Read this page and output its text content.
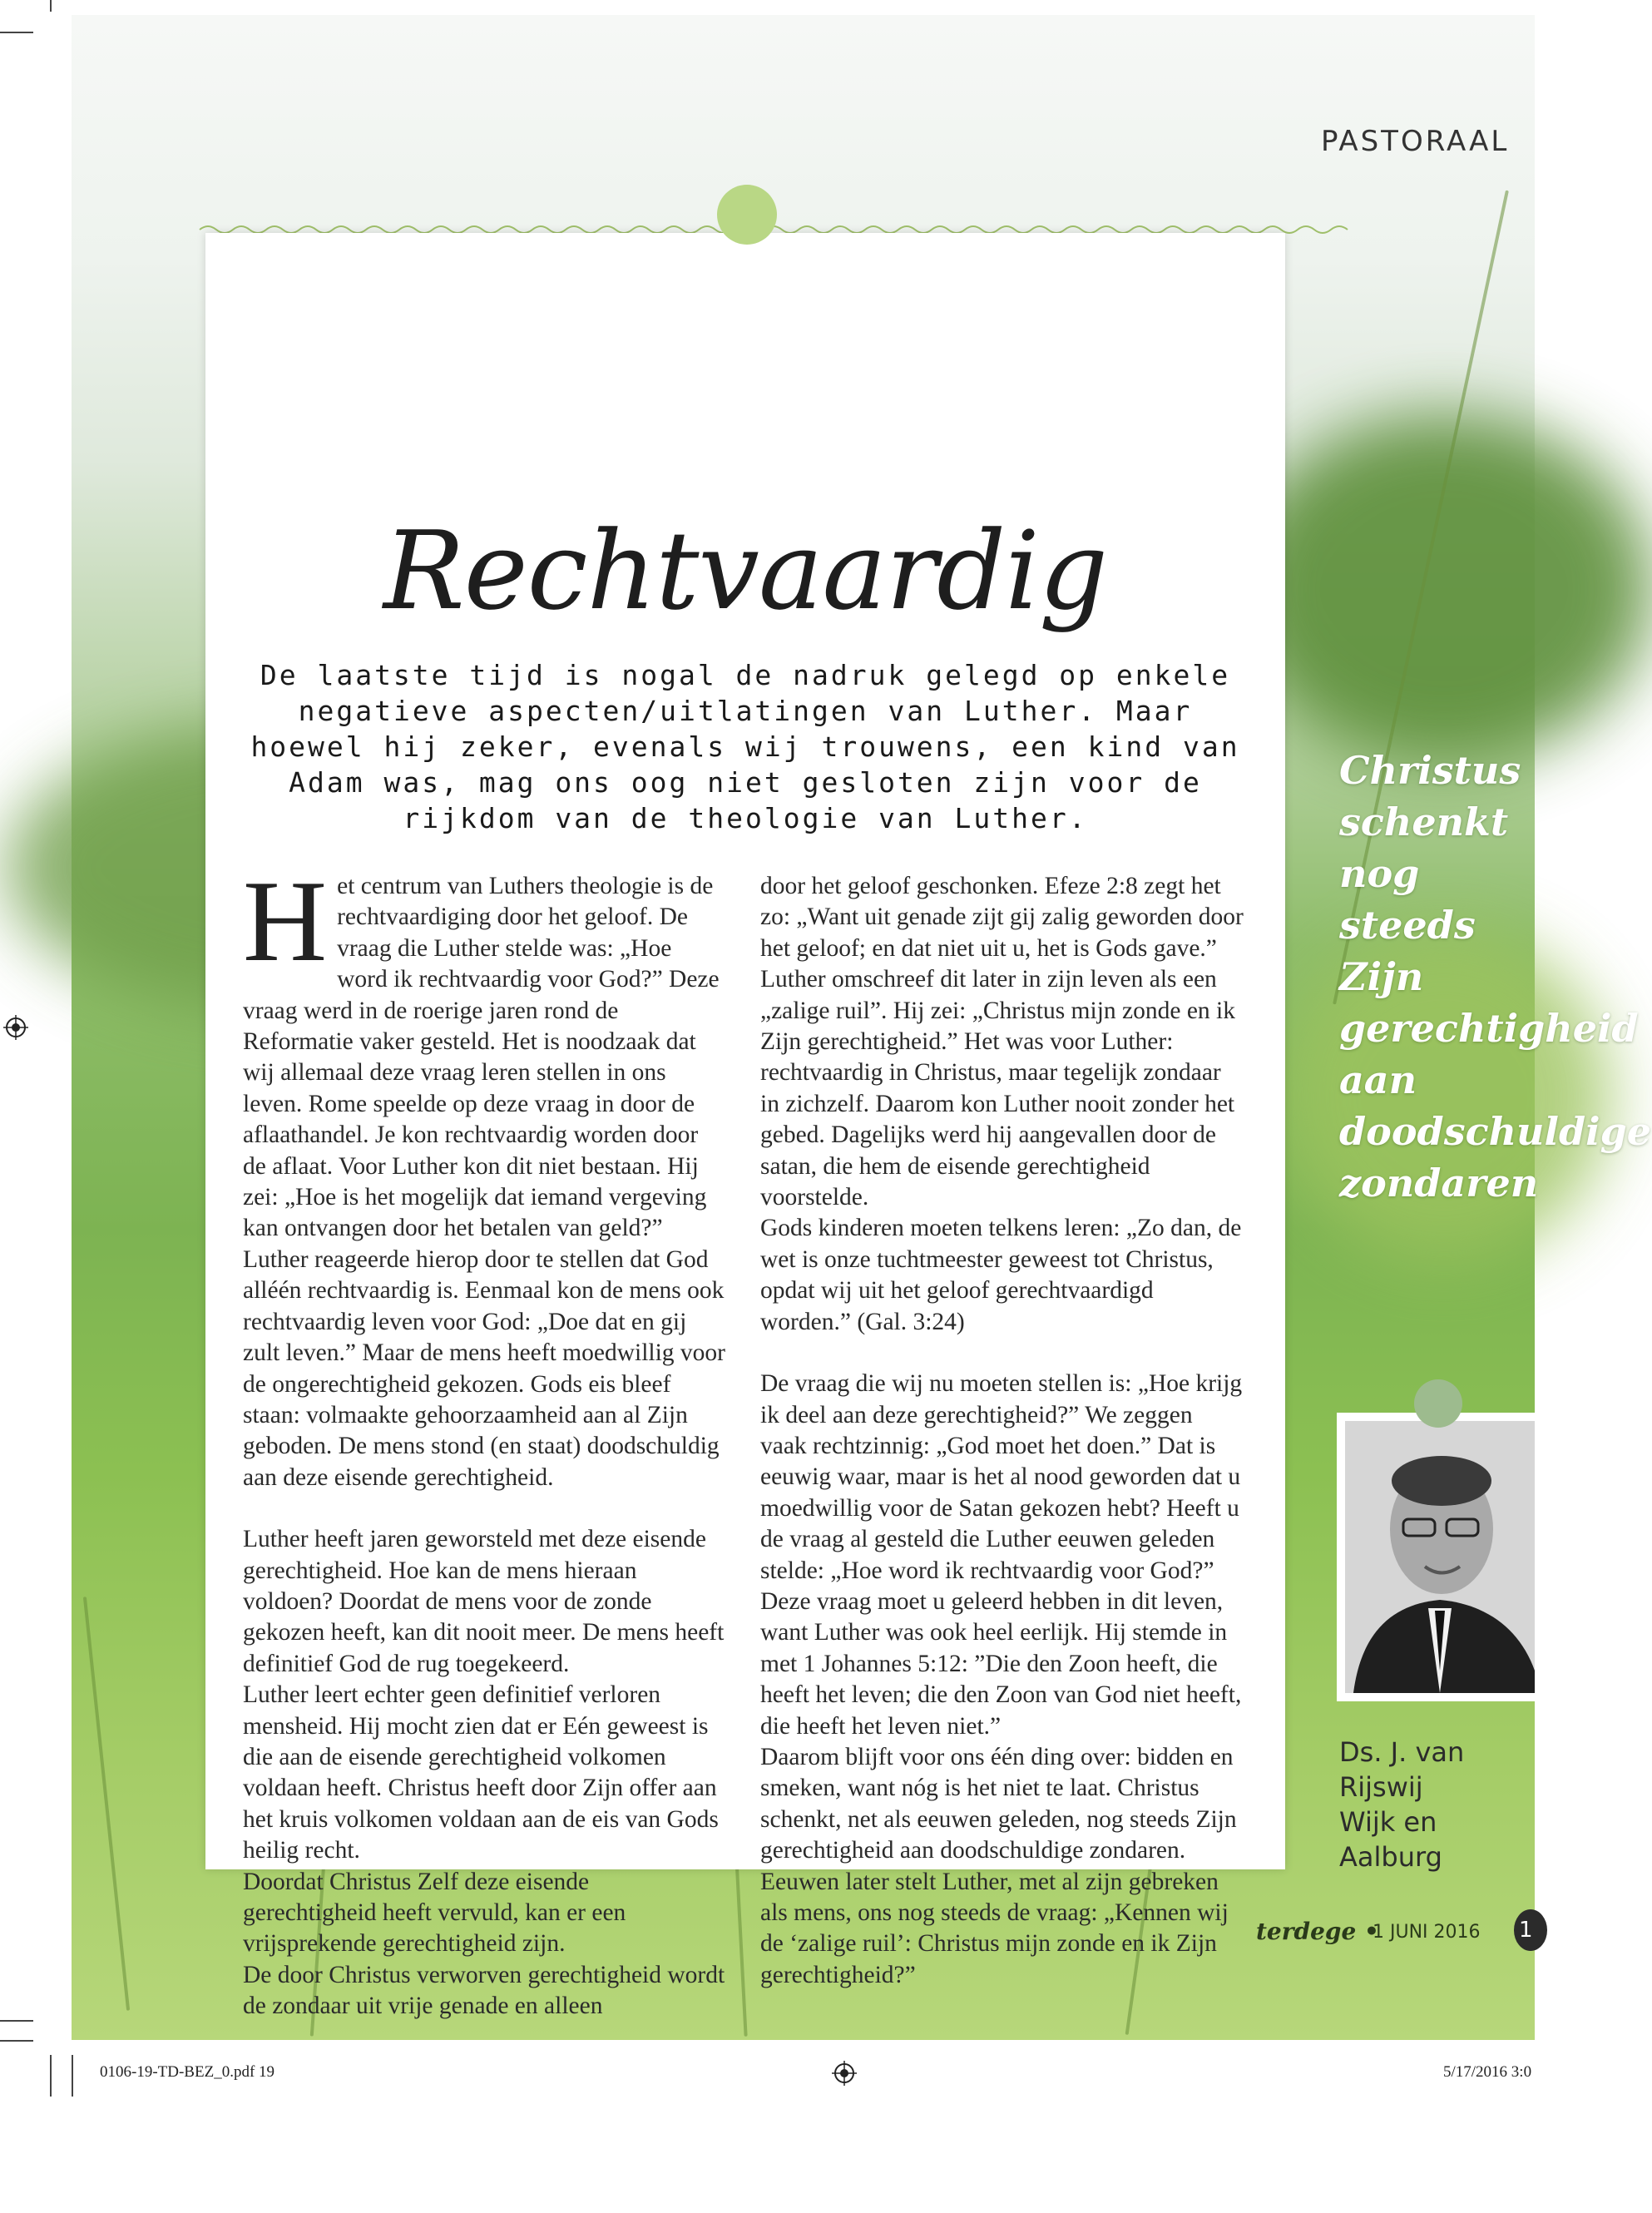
PASTORAAL
Rechtvaardig

De laatste tijd is nogal de nadruk gelegd op enkele negatieve aspecten/uitlatingen van Luther. Maar hoewel hij zeker, evenals wij trouwens, een kind van Adam was, mag ons oog niet gesloten zijn voor de rijkdom van de theologie van Luther.

Het centrum van Luthers theologie is de rechtvaardiging door het geloof. De vraag die Luther stelde was: „Hoe word ik rechtvaardig voor God?” Deze vraag werd in de roerige jaren rond de Reformatie vaker gesteld. Het is noodzaak dat wij allemaal deze vraag leren stellen in ons leven. Rome speelde op deze vraag in door de aflaathandel. Je kon rechtvaardig worden door de aflaat. Voor Luther kon dit niet bestaan. Hij zei: „Hoe is het mogelijk dat iemand vergeving kan ontvangen door het betalen van geld?”

Luther reageerde hierop door te stellen dat God alléén rechtvaardig is. Eenmaal kon de mens ook rechtvaardig leven voor God: „Doe dat en gij zult leven.” Maar de mens heeft moedwillig voor de ongerechtigheid gekozen. Gods eis bleef staan: volmaakte gehoorzaamheid aan al Zijn geboden. De mens stond (en staat) doodschuldig aan deze eisende gerechtigheid.

Luther heeft jaren geworsteld met deze eisende gerechtigheid. Hoe kan de mens hieraan voldoen? Doordat de mens voor de zonde gekozen heeft, kan dit nooit meer. De mens heeft definitief God de rug toegekeerd.

Luther leert echter geen definitief verloren mensheid. Hij mocht zien dat er Eén geweest is die aan de eisende gerechtigheid volkomen voldaan heeft. Christus heeft door Zijn offer aan het kruis volkomen voldaan aan de eis van Gods heilig recht.

Doordat Christus Zelf deze eisende gerechtigheid heeft vervuld, kan er een vrijsprekende gerechtigheid zijn.

De door Christus verworven gerechtigheid wordt de zondaar uit vrije genade en alleen

door het geloof geschonken. Efeze 2:8 zegt het zo: „Want uit genade zijt gij zalig geworden door het geloof; en dat niet uit u, het is Gods gave.”

Luther omschreef dit later in zijn leven als een „zalige ruil”. Hij zei: „Christus mijn zonde en ik Zijn gerechtigheid.” Het was voor Luther: rechtvaardig in Christus, maar tegelijk zondaar in zichzelf. Daarom kon Luther nooit zonder het gebed. Dagelijks werd hij aangevallen door de satan, die hem de eisende gerechtigheid voorstelde.

Gods kinderen moeten telkens leren: „Zo dan, de wet is onze tuchtmeester geweest tot Christus, opdat wij uit het geloof gerechtvaardigd worden.” (Gal. 3:24)

De vraag die wij nu moeten stellen is: „Hoe krijg ik deel aan deze gerechtigheid?” We zeggen vaak rechtzinnig: „God moet het doen.” Dat is eeuwig waar, maar is het al nood geworden dat u moedwillig voor de Satan gekozen hebt? Heeft u de vraag al gesteld die Luther eeuwen geleden stelde: „Hoe word ik rechtvaardig voor God?”

Deze vraag moet u geleerd hebben in dit leven, want Luther was ook heel eerlijk. Hij stemde in met 1 Johannes 5:12: ”Die den Zoon heeft, die heeft het leven; die den Zoon van God niet heeft, die heeft het leven niet.”

Daarom blijft voor ons één ding over: bidden en smeken, want nóg is het niet te laat. Christus schenkt, net als eeuwen geleden, nog steeds Zijn gerechtigheid aan doodschuldige zondaren.

Eeuwen later stelt Luther, met al zijn gebreken als mens, ons nog steeds de vraag: „Kennen wij de ‘zalige ruil’: Christus mijn zonde en ik Zijn gerechtigheid?”

Christus schenkt nog steeds Zijn gerechtigheid aan doodschuldige zondaren
Ds. J. van Rijswij
Wijk en Aalburg
terdege •
1 JUNI 2016 1
0106-19-TD-BEZ_0.pdf 19	5/17/2016 3:0
